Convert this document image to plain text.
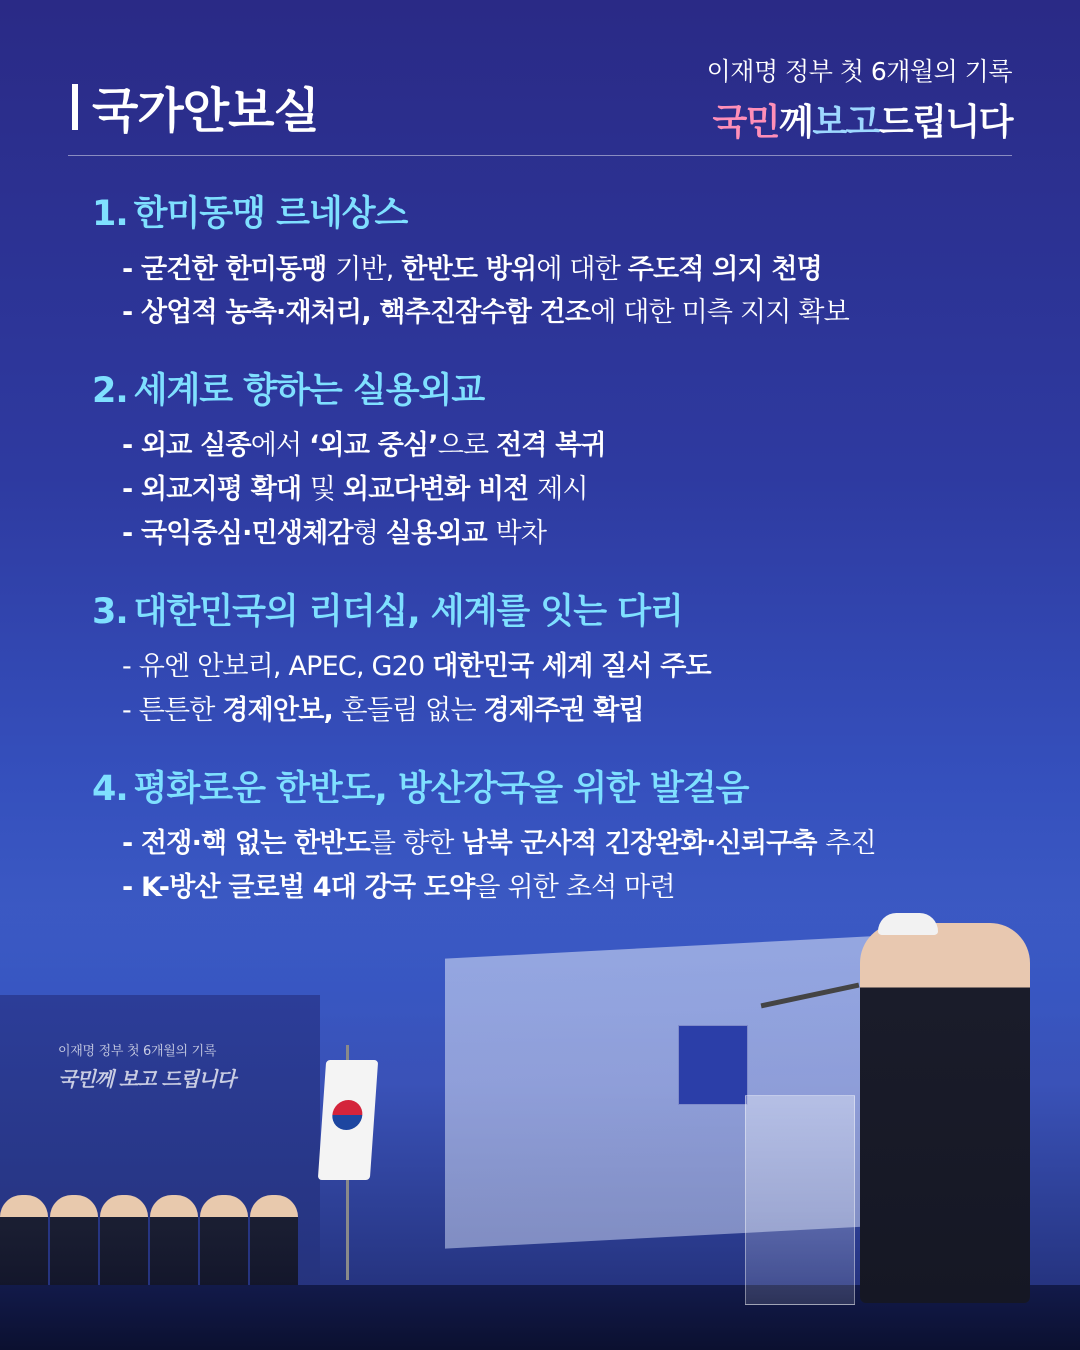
국가안보실
이재명 정부 첫 6개월의 기록
국민께보고드립니다
1. 한미동맹 르네상스
- 굳건한 한미동맹 기반, 한반도 방위에 대한 주도적 의지 천명
- 상업적 농축·재처리, 핵추진잠수함 건조에 대한 미측 지지 확보
2. 세계로 향하는 실용외교
- 외교 실종에서 ‘외교 중심’으로 전격 복귀
- 외교지평 확대 및 외교다변화 비전 제시
- 국익중심·민생체감형 실용외교 박차
3. 대한민국의 리더십, 세계를 잇는 다리
- 유엔 안보리, APEC, G20 대한민국 세계 질서 주도
- 튼튼한 경제안보, 흔들림 없는 경제주권 확립
4. 평화로운 한반도, 방산강국을 위한 발걸음
- 전쟁·핵 없는 한반도를 향한 남북 군사적 긴장완화·신뢰구축 추진
- K-방산 글로벌 4대 강국 도약을 위한 초석 마련
이재명 정부 첫 6개월의 기록
국민께 보고 드립니다
